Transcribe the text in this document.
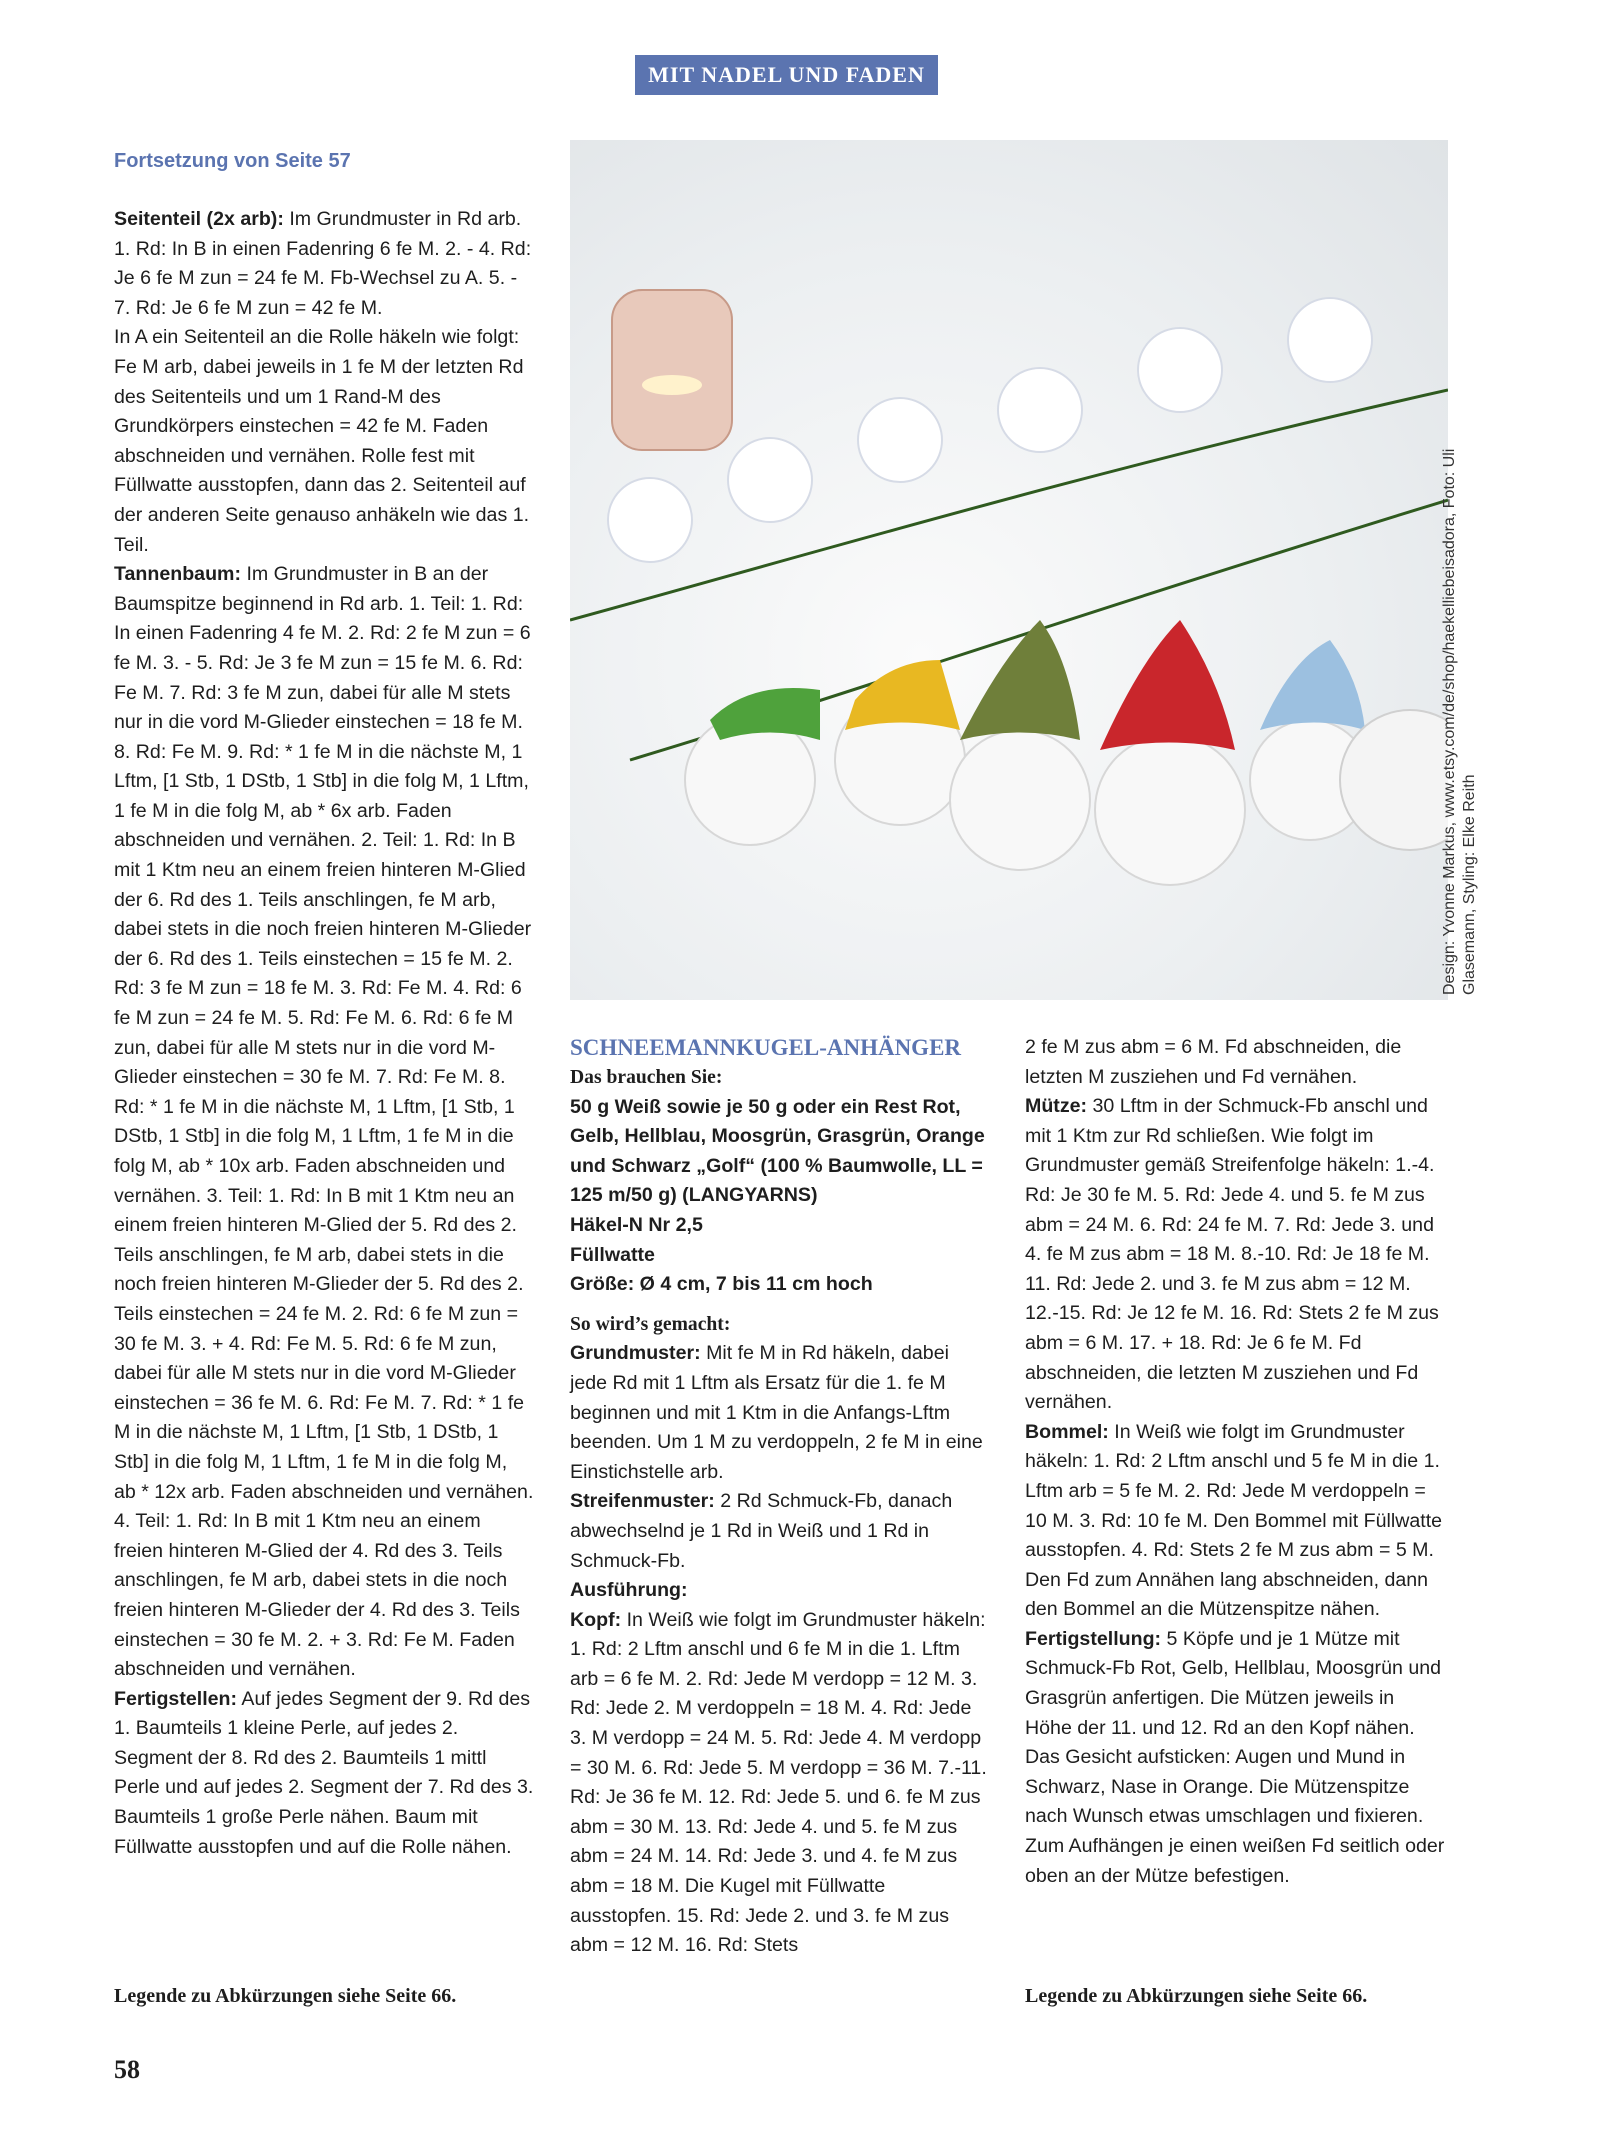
MIT NADEL UND FADEN
Fortsetzung von Seite 57

Seitenteil (2x arb): Im Grundmuster in Rd arb. 1. Rd: In B in einen Fadenring 6 fe M. 2. - 4. Rd: Je 6 fe M zun = 24 fe M. Fb-Wechsel zu A. 5. - 7. Rd: Je 6 fe M zun = 42 fe M.

In A ein Seitenteil an die Rolle häkeln wie folgt: Fe M arb, dabei jeweils in 1 fe M der letzten Rd des Seitenteils und um 1 Rand-M des Grundkörpers einstechen = 42 fe M. Faden abschneiden und vernähen. Rolle fest mit Füllwatte ausstopfen, dann das 2. Seitenteil auf der anderen Seite genauso anhäkeln wie das 1. Teil.

Tannenbaum: Im Grundmuster in B an der Baumspitze beginnend in Rd arb. 1. Teil: 1. Rd: In einen Fadenring 4 fe M. 2. Rd: 2 fe M zun = 6 fe M. 3. - 5. Rd: Je 3 fe M zun = 15 fe M. 6. Rd: Fe M. 7. Rd: 3 fe M zun, dabei für alle M stets nur in die vord M-Glieder einstechen = 18 fe M. 8. Rd: Fe M. 9. Rd: * 1 fe M in die nächste M, 1 Lftm, [1 Stb, 1 DStb, 1 Stb] in die folg M, 1 Lftm, 1 fe M in die folg M, ab * 6x arb. Faden abschneiden und vernähen. 2. Teil: 1. Rd: In B mit 1 Ktm neu an einem freien hinteren M-Glied der 6. Rd des 1. Teils anschlingen, fe M arb, dabei stets in die noch freien hinteren M-Glieder der 6. Rd des 1. Teils einstechen = 15 fe M. 2. Rd: 3 fe M zun = 18 fe M. 3. Rd: Fe M. 4. Rd: 6 fe M zun = 24 fe M. 5. Rd: Fe M. 6. Rd: 6 fe M zun, dabei für alle M stets nur in die vord M-Glieder einstechen = 30 fe M. 7. Rd: Fe M. 8. Rd: * 1 fe M in die nächste M, 1 Lftm, [1 Stb, 1 DStb, 1 Stb] in die folg M, 1 Lftm, 1 fe M in die folg M, ab * 10x arb. Faden abschneiden und vernähen. 3. Teil: 1. Rd: In B mit 1 Ktm neu an einem freien hinteren M-Glied der 5. Rd des 2. Teils anschlingen, fe M arb, dabei stets in die noch freien hinteren M-Glieder der 5. Rd des 2. Teils einstechen = 24 fe M. 2. Rd: 6 fe M zun = 30 fe M. 3. + 4. Rd: Fe M. 5. Rd: 6 fe M zun, dabei für alle M stets nur in die vord M-Glieder einstechen = 36 fe M. 6. Rd: Fe M. 7. Rd: * 1 fe M in die nächste M, 1 Lftm, [1 Stb, 1 DStb, 1 Stb] in die folg M, 1 Lftm, 1 fe M in die folg M, ab * 12x arb. Faden abschneiden und vernähen. 4. Teil: 1. Rd: In B mit 1 Ktm neu an einem freien hinteren M-Glied der 4. Rd des 3. Teils anschlingen, fe M arb, dabei stets in die noch freien hinteren M-Glieder der 4. Rd des 3. Teils einstechen = 30 fe M. 2. + 3. Rd: Fe M. Faden abschneiden und vernähen.

Fertigstellen: Auf jedes Segment der 9. Rd des 1. Baumteils 1 kleine Perle, auf jedes 2. Segment der 8. Rd des 2. Baumteils 1 mittl Perle und auf jedes 2. Segment der 7. Rd des 3. Baumteils 1 große Perle nähen. Baum mit Füllwatte ausstopfen und auf die Rolle nähen.

Legende zu Abkürzungen siehe Seite 66.
Design: Yvonne Markus, www.etsy.com/de/shop/haekelliebeisadora, Foto: Uli Glasemann, Styling: Elke Reith
SCHNEEMANNKUGEL-ANHÄNGER
Das brauchen Sie:

50 g Weiß sowie je 50 g oder ein Rest Rot, Gelb, Hellblau, Moosgrün, Grasgrün, Orange und Schwarz „Golf“ (100 % Baumwolle, LL = 125 m/50 g) (LANGYARNS)

Häkel-N Nr 2,5

Füllwatte

Größe: Ø 4 cm, 7 bis 11 cm hoch

So wird’s gemacht:

Grundmuster: Mit fe M in Rd häkeln, dabei jede Rd mit 1 Lftm als Ersatz für die 1. fe M beginnen und mit 1 Ktm in die Anfangs-Lftm beenden. Um 1 M zu verdoppeln, 2 fe M in eine Einstichstelle arb.

Streifenmuster: 2 Rd Schmuck-Fb, danach abwechselnd je 1 Rd in Weiß und 1 Rd in Schmuck-Fb.

Ausführung:

Kopf: In Weiß wie folgt im Grundmuster häkeln: 1. Rd: 2 Lftm anschl und 6 fe M in die 1. Lftm arb = 6 fe M. 2. Rd: Jede M verdopp = 12 M. 3. Rd: Jede 2. M verdoppeln = 18 M. 4. Rd: Jede 3. M verdopp = 24 M. 5. Rd: Jede 4. M verdopp = 30 M. 6. Rd: Jede 5. M verdopp = 36 M. 7.-11. Rd: Je 36 fe M. 12. Rd: Jede 5. und 6. fe M zus abm = 30 M. 13. Rd: Jede 4. und 5. fe M zus abm = 24 M. 14. Rd: Jede 3. und 4. fe M zus abm = 18 M. Die Kugel mit Füllwatte ausstopfen. 15. Rd: Jede 2. und 3. fe M zus abm = 12 M. 16. Rd: Stets

2 fe M zus abm = 6 M. Fd abschneiden, die letzten M zusziehen und Fd vernähen.

Mütze: 30 Lftm in der Schmuck-Fb anschl und mit 1 Ktm zur Rd schließen. Wie folgt im Grundmuster gemäß Streifenfolge häkeln: 1.-4. Rd: Je 30 fe M. 5. Rd: Jede 4. und 5. fe M zus abm = 24 M. 6. Rd: 24 fe M. 7. Rd: Jede 3. und 4. fe M zus abm = 18 M. 8.-10. Rd: Je 18 fe M. 11. Rd: Jede 2. und 3. fe M zus abm = 12 M. 12.-15. Rd: Je 12 fe M. 16. Rd: Stets 2 fe M zus abm = 6 M. 17. + 18. Rd: Je 6 fe M. Fd abschneiden, die letzten M zusziehen und Fd vernähen.

Bommel: In Weiß wie folgt im Grundmuster häkeln: 1. Rd: 2 Lftm anschl und 5 fe M in die 1. Lftm arb = 5 fe M. 2. Rd: Jede M verdoppeln = 10 M. 3. Rd: 10 fe M. Den Bommel mit Füllwatte ausstopfen. 4. Rd: Stets 2 fe M zus abm = 5 M. Den Fd zum Annähen lang abschneiden, dann den Bommel an die Mützenspitze nähen.

Fertigstellung: 5 Köpfe und je 1 Mütze mit Schmuck-Fb Rot, Gelb, Hellblau, Moosgrün und Grasgrün anfertigen. Die Mützen jeweils in Höhe der 11. und 12. Rd an den Kopf nähen. Das Gesicht aufsticken: Augen und Mund in Schwarz, Nase in Orange. Die Mützenspitze nach Wunsch etwas umschlagen und fixieren. Zum Aufhängen je einen weißen Fd seitlich oder oben an der Mütze befestigen.

Legende zu Abkürzungen siehe Seite 66.
58
